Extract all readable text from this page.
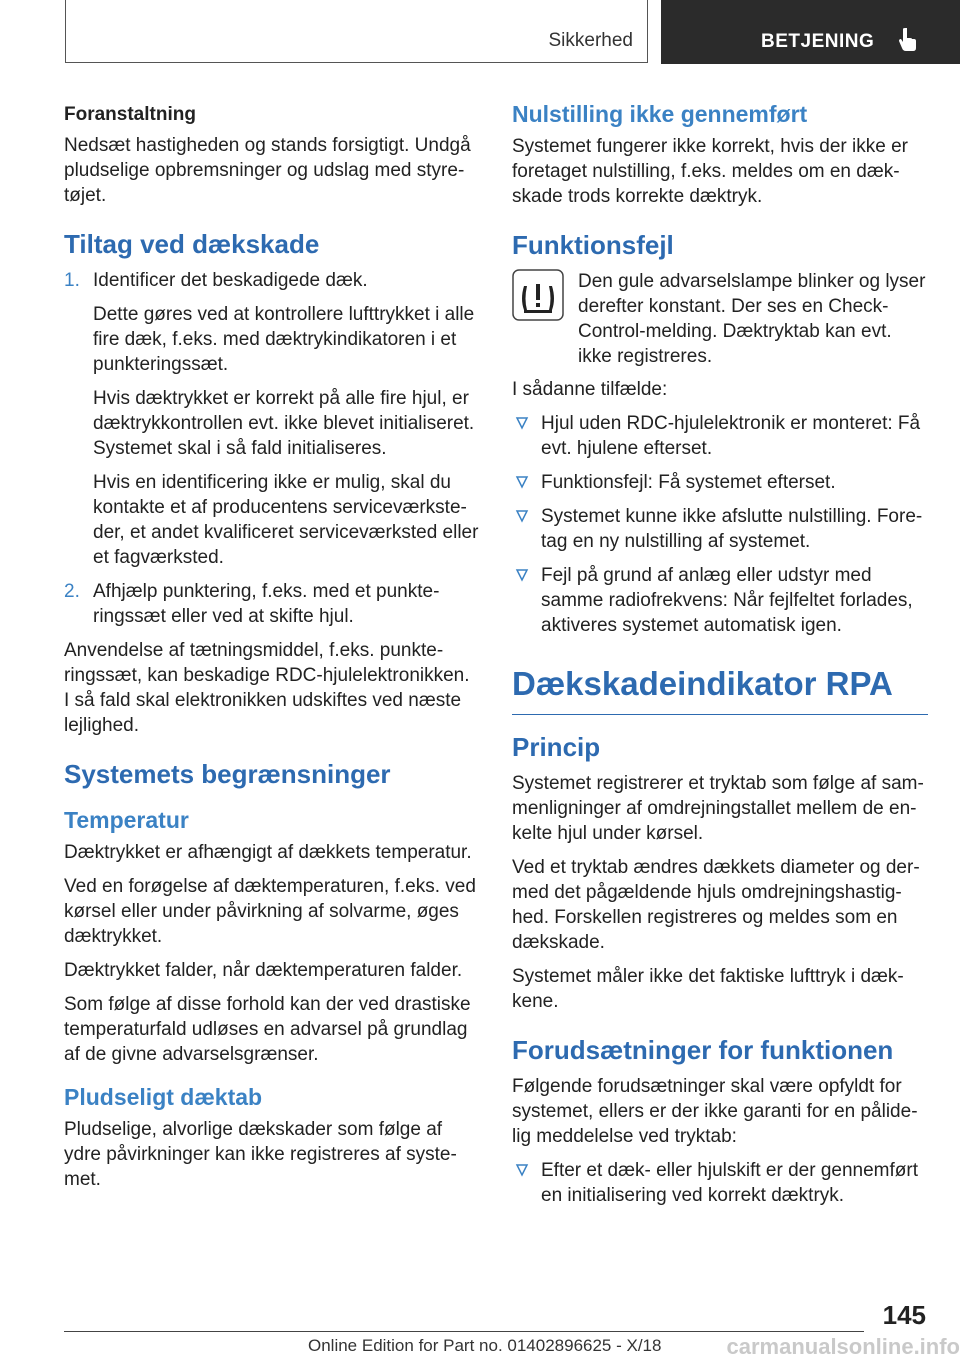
Sikkerhed	BETJENING
Foranstaltning

Nedsæt hastigheden og stands forsigtigt. Undgå pludselige opbremsninger og udslag med styretøjet.

Tiltag ved dækskade
1. Identificer det beskadigede dæk.

Dette gøres ved at kontrollere lufttrykket i alle fire dæk, f.eks. med dæktrykindikatoren i et punkteringssæt.

Hvis dæktrykket er korrekt på alle fire hjul, er dæktrykkontrollen evt. ikke blevet initialiseret. Systemet skal i så fald initialiseres.

Hvis en identificering ikke er mulig, skal du kontakte et af producentens serviceværksteder, et andet kvalificeret serviceværksted eller et fagværksted.

2. Afhjælp punktering, f.eks. med et punkteringssæt eller ved at skifte hjul.

Anvendelse af tætningsmiddel, f.eks. punkteringssæt, kan beskadige RDC-hjulelektronikken. I så fald skal elektronikken udskiftes ved næste lejlighed.

Systemets begrænsninger
Temperatur

Dæktrykket er afhængigt af dækkets temperatur.

Ved en forøgelse af dæktemperaturen, f.eks. ved kørsel eller under påvirkning af solvarme, øges dæktrykket.

Dæktrykket falder, når dæktemperaturen falder.

Som følge af disse forhold kan der ved drastiske temperaturfald udløses en advarsel på grundlag af de givne advarselsgrænser.

Pludseligt dæktab

Pludselige, alvorlige dækskader som følge af ydre påvirkninger kan ikke registreres af systemet.

Nulstilling ikke gennemført

Systemet fungerer ikke korrekt, hvis der ikke er foretaget nulstilling, f.eks. meldes om en dækskade trods korrekte dæktryk.

Funktionsfejl

Den gule advarselslampe blinker og lyser derefter konstant. Der ses en Check-Control-melding. Dæktryktab kan evt. ikke registreres.

I sådanne tilfælde:

Hjul uden RDC-hjulelektronik er monteret: Få evt. hjulene efterset.
Funktionsfejl: Få systemet efterset.
Systemet kunne ikke afslutte nulstilling. Foretag en ny nulstilling af systemet.
Fejl på grund af anlæg eller udstyr med samme radiofrekvens: Når fejlfeltet forlades, aktiveres systemet automatisk igen.
Dækskadeindikator RPA
Princip

Systemet registrerer et tryktab som følge af sammenligninger af omdrejningstallet mellem de enkelte hjul under kørsel.

Ved et tryktab ændres dækkets diameter og dermed det pågældende hjuls omdrejningshastighed. Forskellen registreres og meldes som en dækskade.

Systemet måler ikke det faktiske lufttryk i dækkene.

Forudsætninger for funktionen

Følgende forudsætninger skal være opfyldt for systemet, ellers er der ikke garanti for en pålidelig meddelelse ved tryktab:

Efter et dæk- eller hjulskift er der gennemført en initialisering ved korrekt dæktryk.
145
Online Edition for Part no. 01402896625 - X/18	carmanualsonline.info
